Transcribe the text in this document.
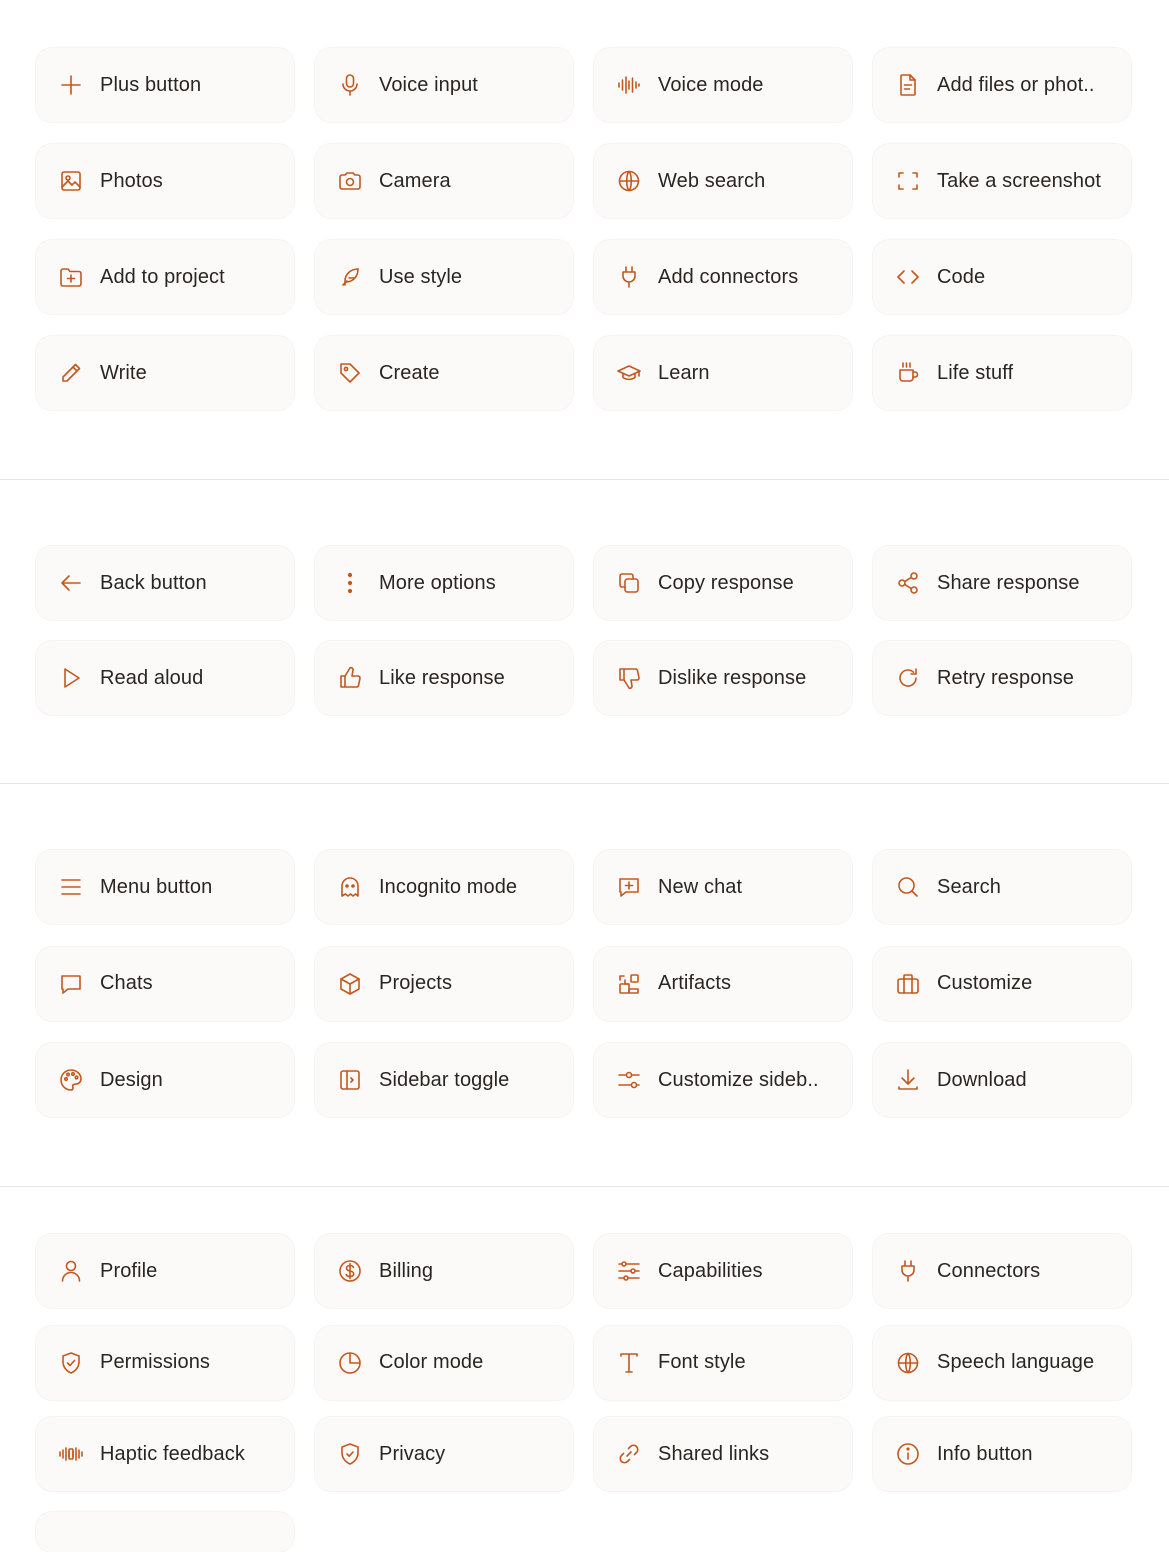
Plus button	Voice input	Voice mode	Add files or phot..
Photos	Camera	Web search	Take a screenshot
Add to project	Use style	Add connectors	Code
Write	Create	Learn	Life stuff
Back button	More options	Copy response	Share response
Read aloud	Like response	Dislike response	Retry response
Menu button	Incognito mode	New chat	Search
Chats	Projects	Artifacts	Customize
Design	Sidebar toggle	Customize sideb..	Download
Profile	Billing	Capabilities	Connectors
Permissions	Color mode	Font style	Speech language
Haptic feedback	Privacy	Shared links	Info button
